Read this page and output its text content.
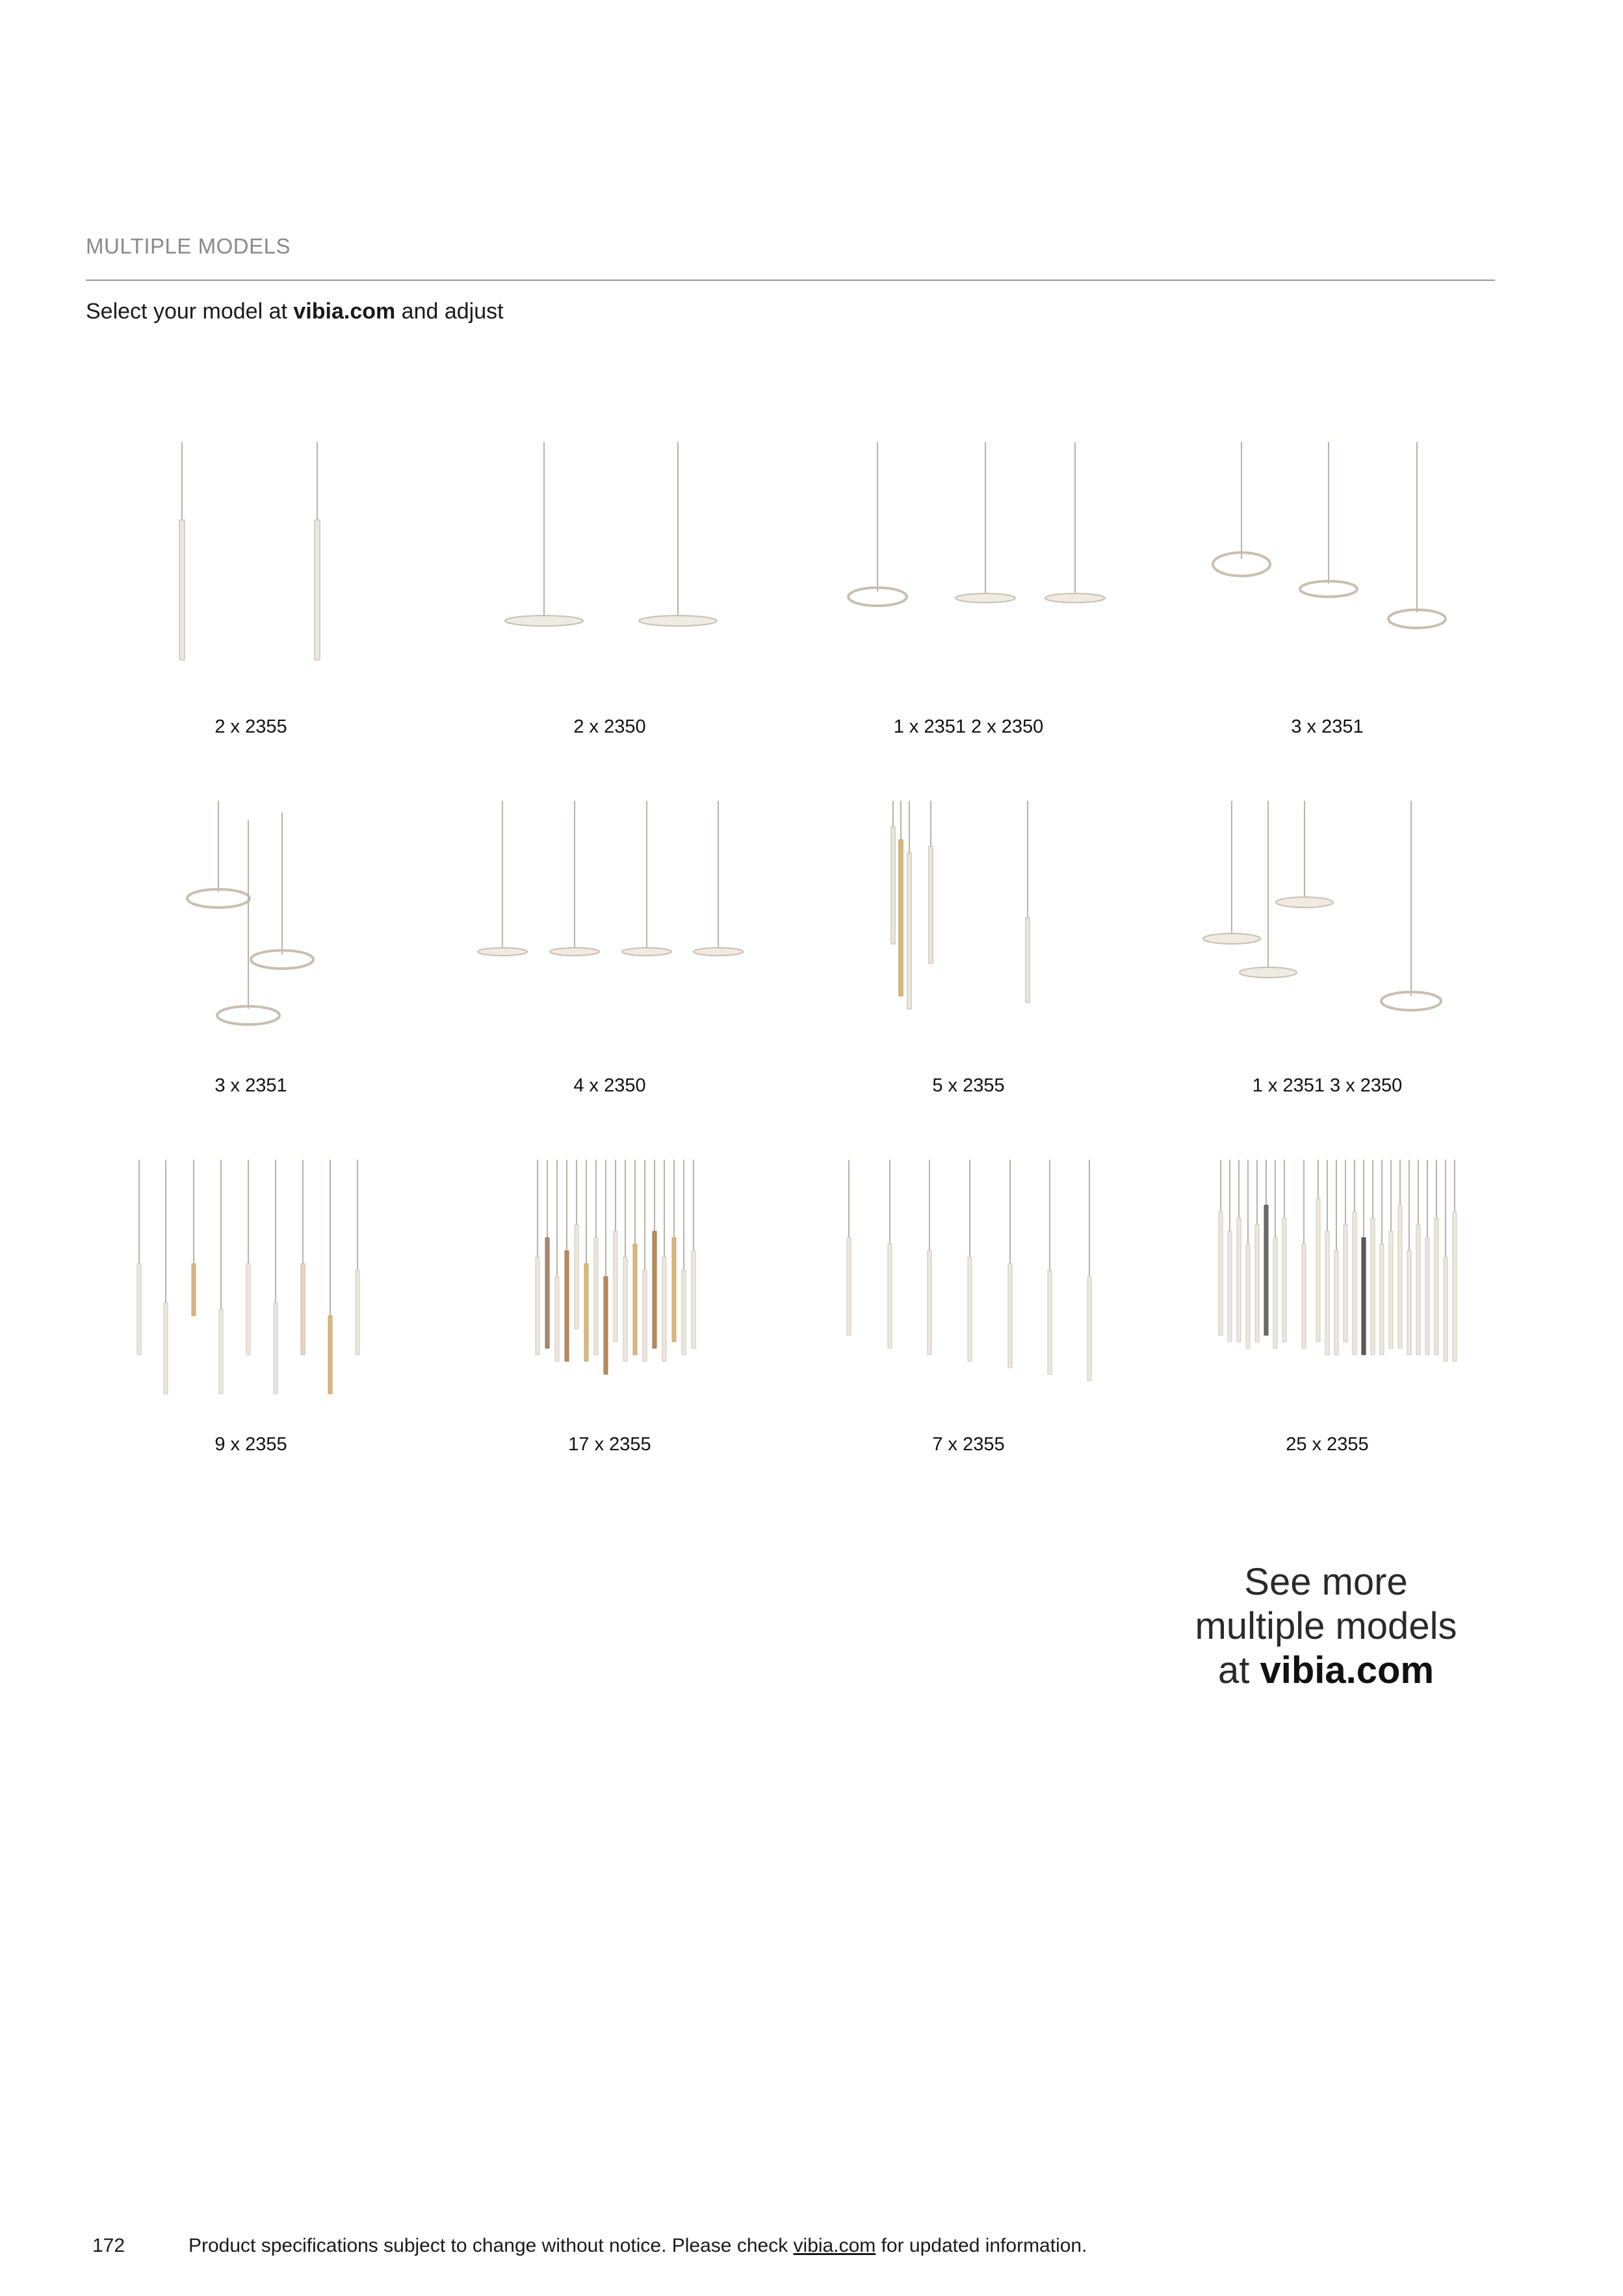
MULTIPLE MODELS
Select your model at vibia.com and adjust
2 x 2355	2 x 2350	1 x 2351 2 x 2350	3 x 2351
3 x 2351	4 x 2350	5 x 2355	1 x 2351 3 x 2350
9 x 2355	17 x 2355	7 x 2355	25 x 2355
See more
multiple models
at vibia.com
172	Product specifications subject to change without notice. Please check vibia.com for updated information.
